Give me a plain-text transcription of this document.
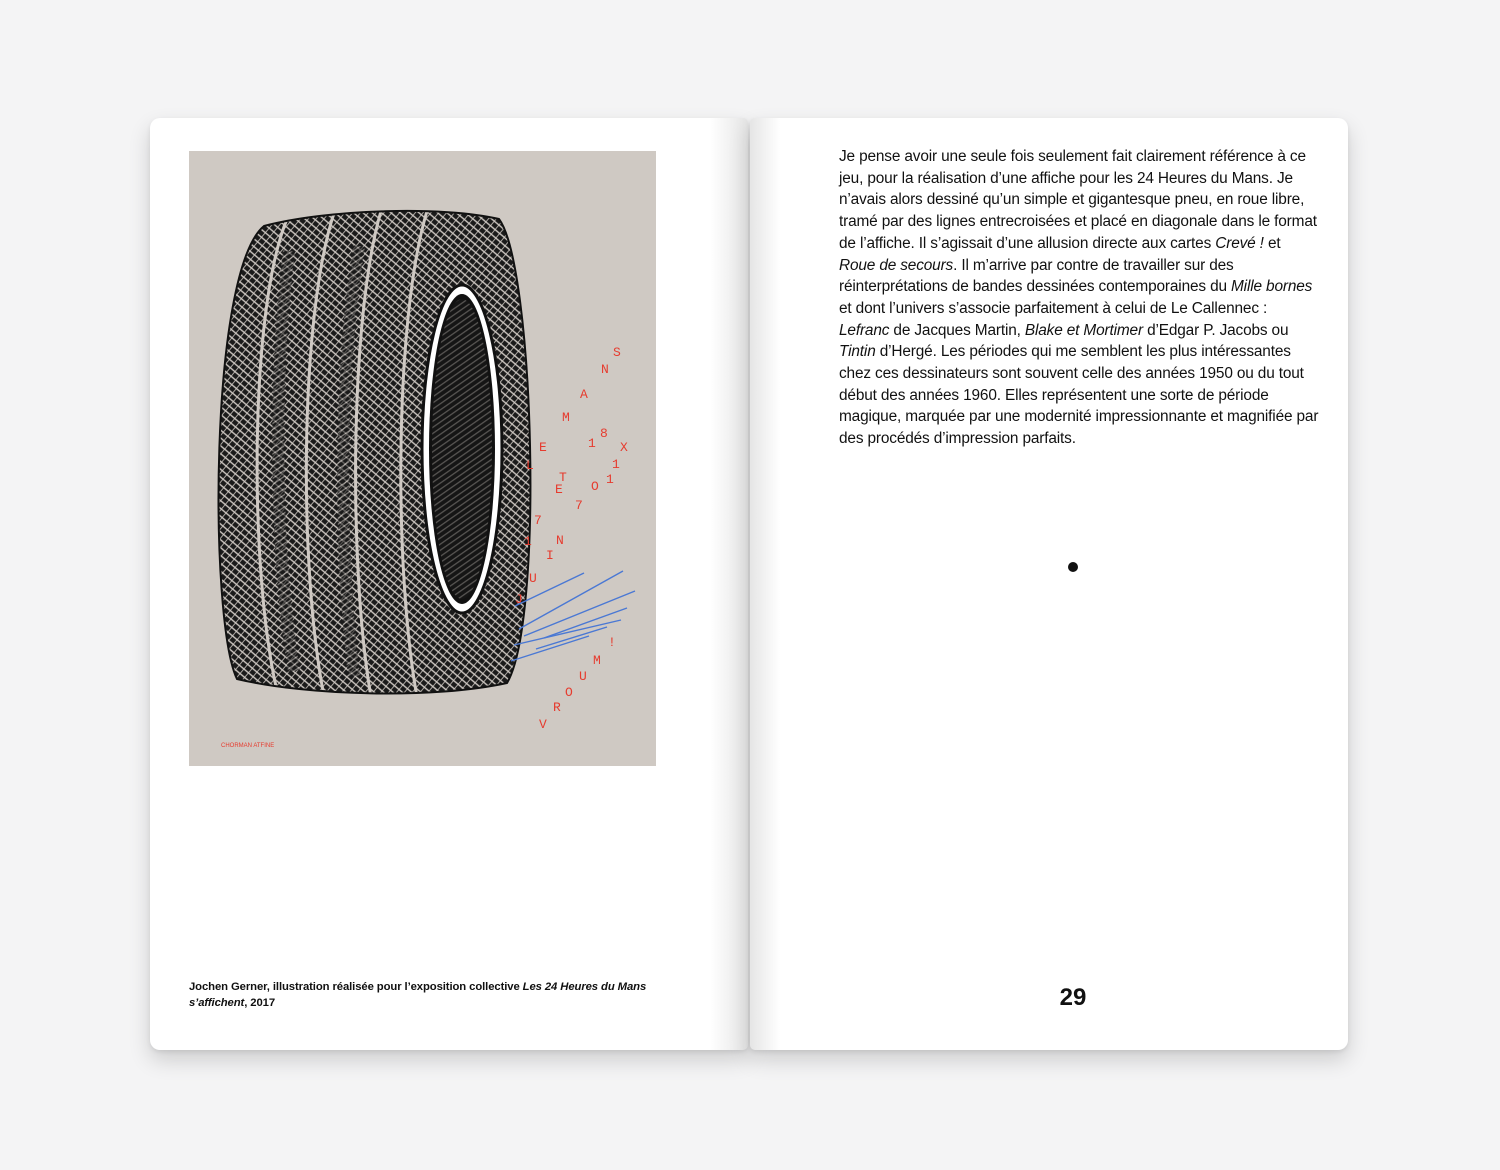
L
E
M
A
N
S
1
8
X
1
1
T
E
7
O
1
7
N
I
U
J
V
R
O
U
M
!
CHORMAN ATFINE
Jochen Gerner, illustration réalisée pour l’exposition collective Les 24 Heures du Mans s’affichent, 2017

Je pense avoir une seule fois seulement fait clairement référence à ce jeu, pour la réalisation d’une affiche pour les 24 Heures du Mans. Je n’avais alors dessiné qu’un simple et gigantesque pneu, en roue libre, tramé par des lignes entrecroisées et placé en diagonale dans le format de l’affiche. Il s’agissait d’une allusion directe aux cartes Crevé ! et Roue de secours. Il m’arrive par contre de travailler sur des réinterprétations de bandes dessinées contemporaines du Mille bornes et dont l’univers s’associe parfaitement à celui de Le Callennec : Lefranc de Jacques Martin, Blake et Mortimer d’Edgar P. Jacobs ou Tintin d’Hergé. Les périodes qui me semblent les plus intéressantes chez ces dessinateurs sont souvent celle des années 1950 ou du tout début des années 1960. Elles représentent une sorte de période magique, marquée par une modernité impressionnante et magnifiée par des procédés d’impression parfaits.

29
